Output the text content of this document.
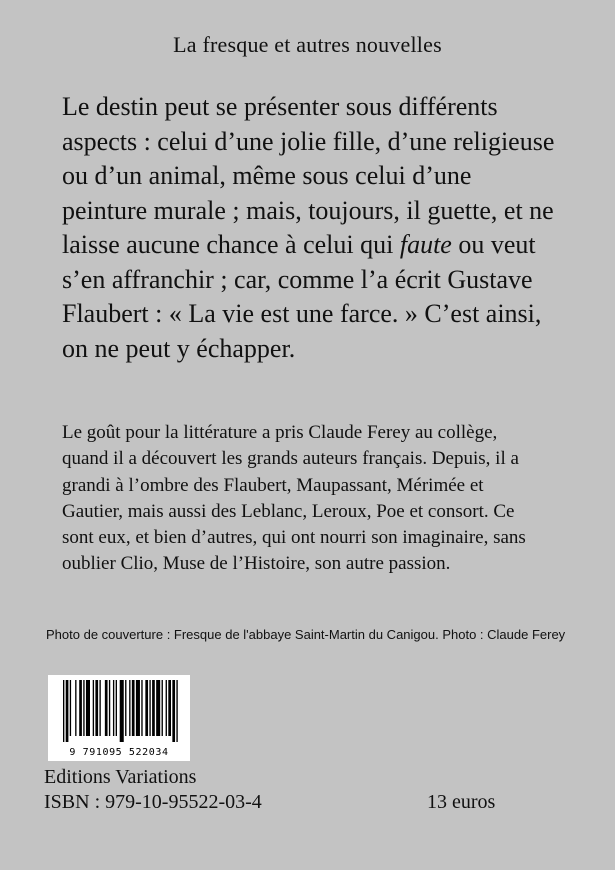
La fresque et autres nouvelles
Le destin peut se présenter sous différents aspects : celui d’une jolie fille, d’une religieuse ou d’un animal, même sous celui d’une peinture murale ; mais, toujours, il guette, et ne laisse aucune chance à celui qui faute ou veut s’en affranchir ; car, comme l’a écrit Gustave Flaubert : « La vie est une farce. » C’est ainsi, on ne peut y échapper.
Le goût pour la littérature a pris Claude Ferey au collège, quand il a découvert les grands auteurs français. Depuis, il a grandi à l’ombre des Flaubert, Maupassant, Mérimée et Gautier, mais aussi des Leblanc, Leroux, Poe et consort. Ce sont eux, et bien d’autres, qui ont nourri son imaginaire, sans oublier Clio, Muse de l’Histoire, son autre passion.
Photo de couverture : Fresque de l'abbaye Saint-Martin du Canigou. Photo : Claude Ferey
9 791095 522034
Editions Variations
ISBN : 979-10-95522-03-4	13 euros
